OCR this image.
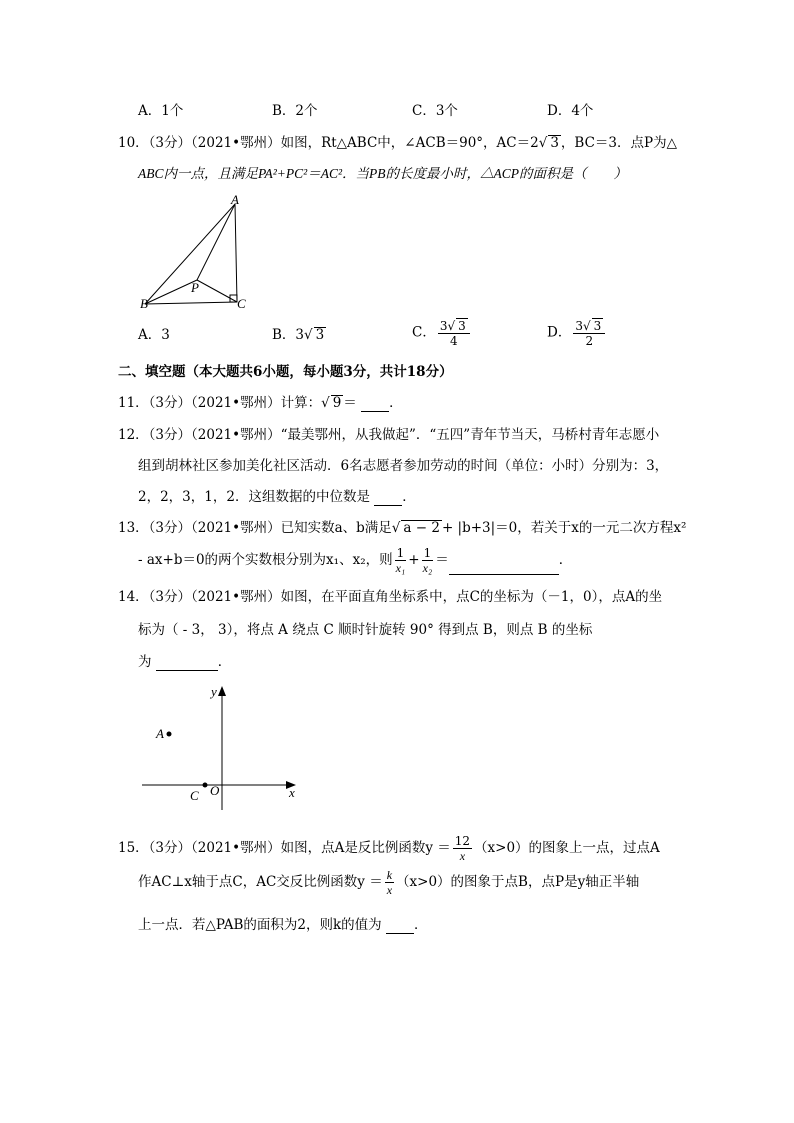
A．1个	B．2个	C．3个	D．4个
10．（3分）（2021•鄂州）如图，Rt△ABC中，∠ACB＝90°，AC＝2√ 3 ，BC＝3．点P为△
ABC内一点，且满足PA²+PC²＝AC²．当PB的长度最小时，△ACP的面积是（　　）
A
B	C
P
A．3	B．3√ 3	C． $\frac{3√ 3}{4}$	D． $\frac{3√ 3}{2}$
二、填空题（本大题共6小题，每小题3分，共计18分）
11．（3分）（2021•鄂州）计算：√ 9 ＝ ．
12．（3分）（2021•鄂州）“最美鄂州，从我做起”．“五四”青年节当天，马桥村青年志愿小
组到胡林社区参加美化社区活动．6名志愿者参加劳动的时间（单位：小时）分别为：3，
2，2，3，1，2．这组数据的中位数是 ．
13．（3分）（2021•鄂州）已知实数a、b满足√ a − 2 + |b+3|＝0，若关于x的一元二次方程x²
- ax+b＝0的两个实数根分别为x₁、x₂，则 $\frac{1}{\text{x₁}} + \frac{1}{\text{x₂}}$ ＝	．
14．（3分）（2021•鄂州）如图，在平面直角坐标系中，点C的坐标为（－1，0），点A的坐
标为（ - 3， 3），将点 A 绕点 C 顺时针旋转 90° 得到点 B，则点 B 的坐标
为	．
y
x
A
C O
15．（3分）（2021•鄂州）如图，点A是反比例函数$y = \frac{12}{x} (x>0)$的图象上一点，过点A
作AC⊥x轴于点C，AC交反比例函数$y = \frac{k}{x} (x>0)$的图象于点B，点P是y轴正半轴
上一点．若△PAB的面积为2，则k的值为 ．
